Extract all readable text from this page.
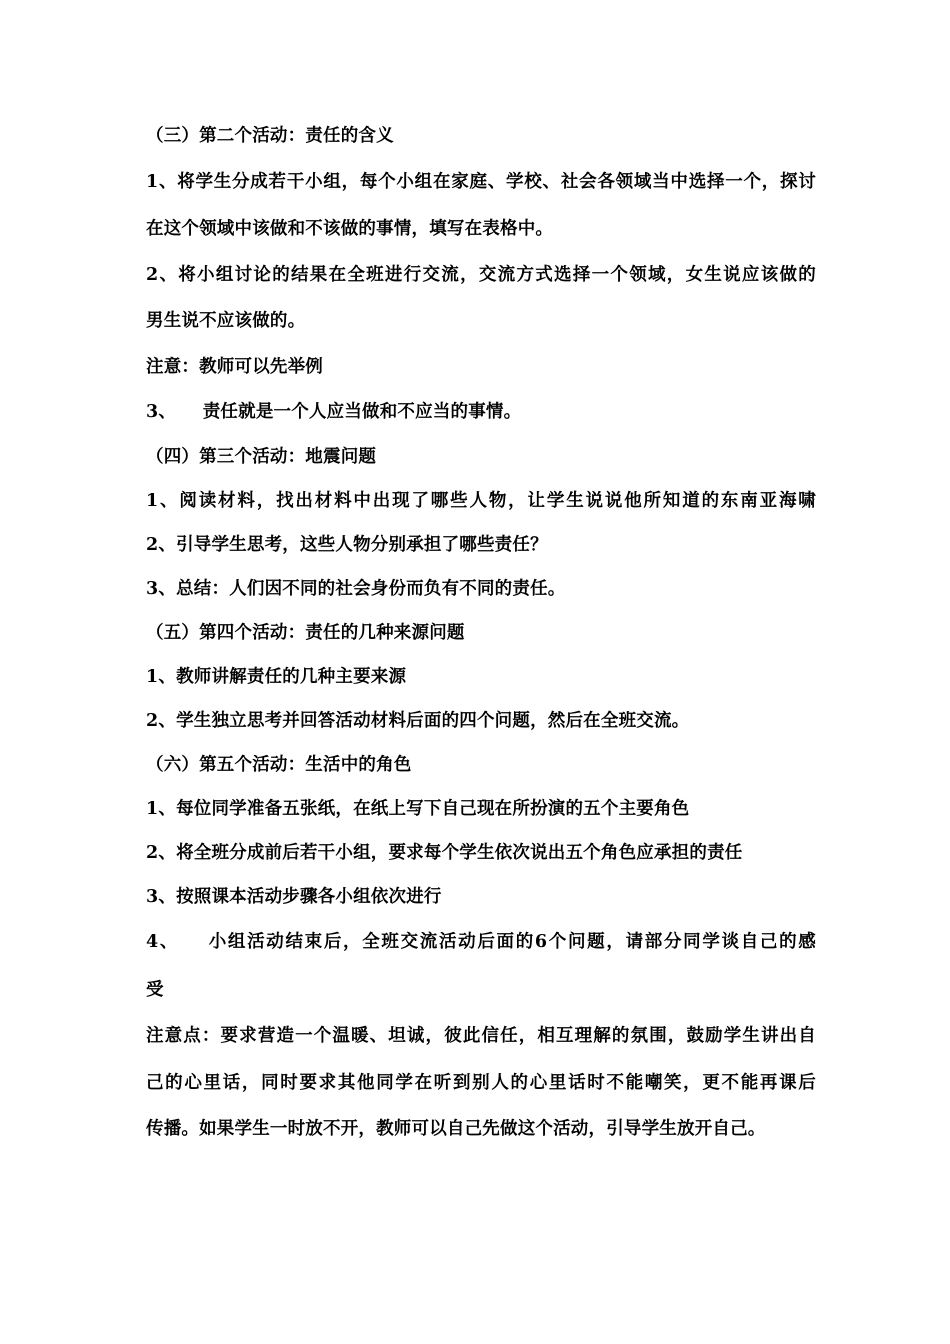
（三）第二个活动：责任的含义
1、将学生分成若干小组，每个小组在家庭、学校、社会各领域当中选择一个，探讨
在这个领域中该做和不该做的事情，填写在表格中。
2、将小组讨论的结果在全班进行交流，交流方式选择一个领域，女生说应该做的
男生说不应该做的。
注意：教师可以先举例
3、　　责任就是一个人应当做和不应当的事情。
（四）第三个活动：地震问题
1、阅读材料，找出材料中出现了哪些人物，让学生说说他所知道的东南亚海啸
2、引导学生思考，这些人物分别承担了哪些责任？
3、总结：人们因不同的社会身份而负有不同的责任。
（五）第四个活动：责任的几种来源问题
1、教师讲解责任的几种主要来源
2、学生独立思考并回答活动材料后面的四个问题，然后在全班交流。
（六）第五个活动：生活中的角色
1、每位同学准备五张纸，在纸上写下自己现在所扮演的五个主要角色
2、将全班分成前后若干小组，要求每个学生依次说出五个角色应承担的责任
3、按照课本活动步骤各小组依次进行
4、　　小组活动结束后，全班交流活动后面的6个问题，请部分同学谈自己的感
受
注意点：要求营造一个温暖、坦诚，彼此信任，相互理解的氛围，鼓励学生讲出自
己的心里话，同时要求其他同学在听到别人的心里话时不能嘲笑，更不能再课后
传播。如果学生一时放不开，教师可以自己先做这个活动，引导学生放开自己。
